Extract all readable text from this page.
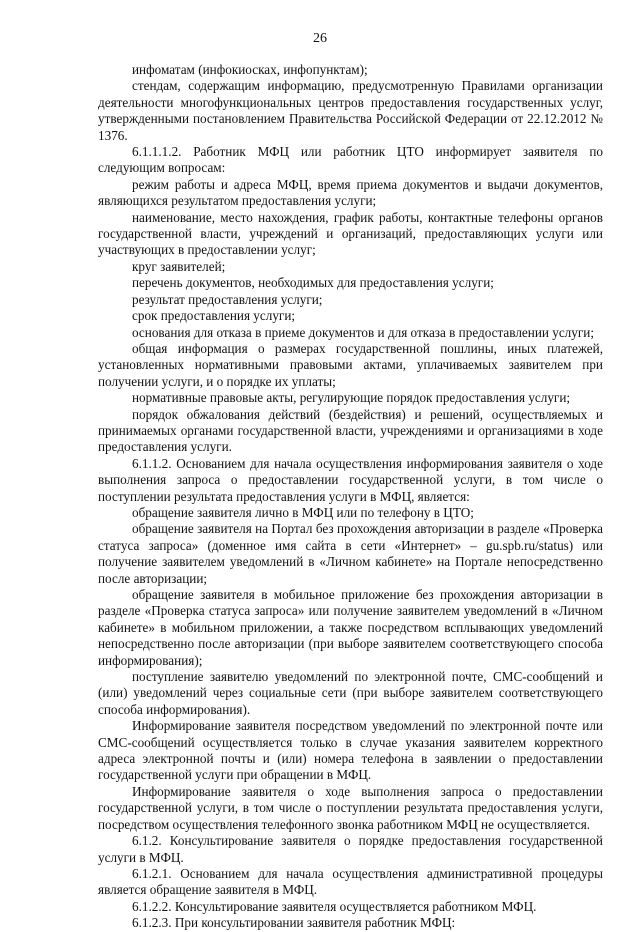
26

инфоматам (инфокиосках, инфопунктам);

стендам, содержащим информацию, предусмотренную Правилами организации деятельности многофункциональных центров предоставления государственных услуг, утвержденными постановлением Правительства Российской Федерации от 22.12.2012 № 1376.

6.1.1.1.2. Работник МФЦ или работник ЦТО информирует заявителя по следующим вопросам:

режим работы и адреса МФЦ, время приема документов и выдачи документов, являющихся результатом предоставления услуги;

наименование, место нахождения, график работы, контактные телефоны органов государственной власти, учреждений и организаций, предоставляющих услуги или участвующих в предоставлении услуг;

круг заявителей;

перечень документов, необходимых для предоставления услуги;

результат предоставления услуги;

срок предоставления услуги;

основания для отказа в приеме документов и для отказа в предоставлении услуги;

общая информация о размерах государственной пошлины, иных платежей, установленных нормативными правовыми актами, уплачиваемых заявителем при получении услуги, и о порядке их уплаты;

нормативные правовые акты, регулирующие порядок предоставления услуги;

порядок обжалования действий (бездействия) и решений, осуществляемых и принимаемых органами государственной власти, учреждениями и организациями в ходе предоставления услуги.

6.1.1.2. Основанием для начала осуществления информирования заявителя о ходе выполнения запроса о предоставлении государственной услуги, в том числе о поступлении результата предоставления услуги в МФЦ, является:

обращение заявителя лично в МФЦ или по телефону в ЦТО;

обращение заявителя на Портал без прохождения авторизации в разделе «Проверка статуса запроса» (доменное имя сайта в сети «Интернет» – gu.spb.ru/status) или получение заявителем уведомлений в «Личном кабинете» на Портале непосредственно после авторизации;

обращение заявителя в мобильное приложение без прохождения авторизации в разделе «Проверка статуса запроса» или получение заявителем уведомлений в «Личном кабинете» в мобильном приложении, а также посредством всплывающих уведомлений непосредственно после авторизации (при выборе заявителем соответствующего способа информирования);

поступление заявителю уведомлений по электронной почте, СМС-сообщений и (или) уведомлений через социальные сети (при выборе заявителем соответствующего способа информирования).

Информирование заявителя посредством уведомлений по электронной почте или СМС-сообщений осуществляется только в случае указания заявителем корректного адреса электронной почты и (или) номера телефона в заявлении о предоставлении государственной услуги при обращении в МФЦ.

Информирование заявителя о ходе выполнения запроса о предоставлении государственной услуги, в том числе о поступлении результата предоставления услуги, посредством осуществления телефонного звонка работником МФЦ не осуществляется.

6.1.2. Консультирование заявителя о порядке предоставления государственной услуги в МФЦ.

6.1.2.1. Основанием для начала осуществления административной процедуры является обращение заявителя в МФЦ.

6.1.2.2. Консультирование заявителя осуществляется работником МФЦ.

6.1.2.3. При консультировании заявителя работник МФЦ:
